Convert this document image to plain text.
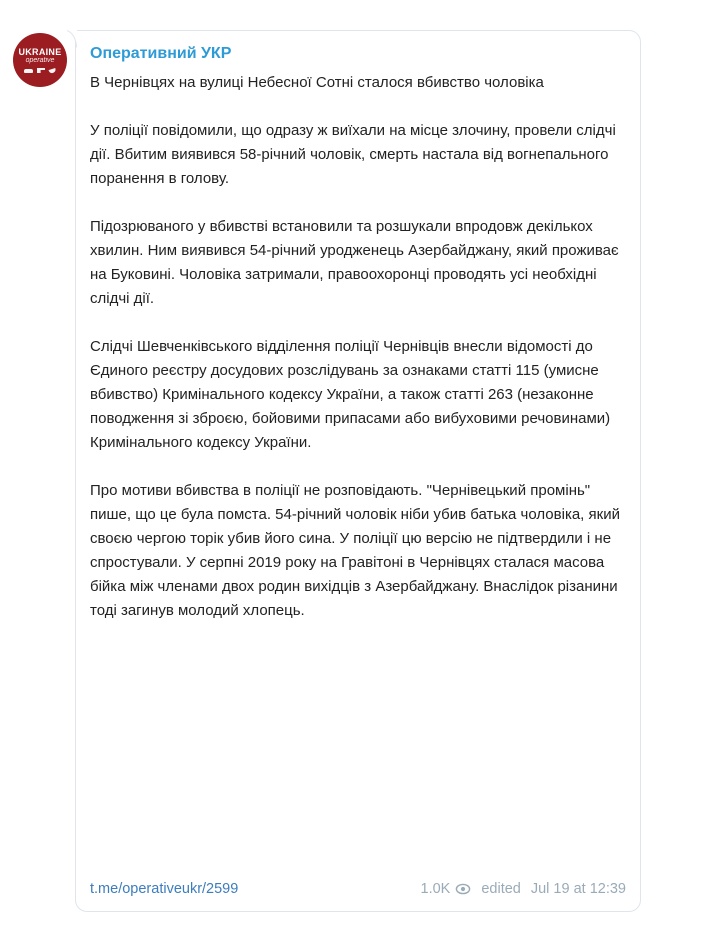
UKRAINE
operative Оперативний УКР

В Чернівцях на вулиці Небесної Сотні сталося вбивство чоловіка

У поліції повідомили, що одразу ж виїхали на місце злочину, провели слідчі дії. Вбитим виявився 58-річний чоловік, смерть настала від вогнепального поранення в голову.

Підозрюваного у вбивстві встановили та розшукали впродовж декількох хвилин. Ним виявився 54-річний уродженець Азербайджану, який проживає на Буковині. Чоловіка затримали, правоохоронці проводять усі необхідні слідчі дії.

Слідчі Шевченківського відділення поліції Чернівців внесли відомості до Єдиного реєстру досудових розслідувань за ознаками статті 115 (умисне вбивство) Кримінального кодексу України, а також статті 263 (незаконне поводження зі зброєю, бойовими припасами або вибуховими речовинами) Кримінального кодексу України.

Про мотиви вбивства в поліції не розповідають. "Чернівецький промінь" пише, що це була помста. 54-річний чоловік ніби убив батька чоловіка, який своєю чергою торік убив його сина. У поліції цю версію не підтвердили і не спростували. У серпні 2019 року на Гравітоні в Чернівцях сталася масова бійка між членами двох родин вихідців з Азербайджану. Внаслідок різанини тоді загинув молодий хлопець.

t.me/operativeukr/2599	1.0K edited Jul 19 at 12:39
